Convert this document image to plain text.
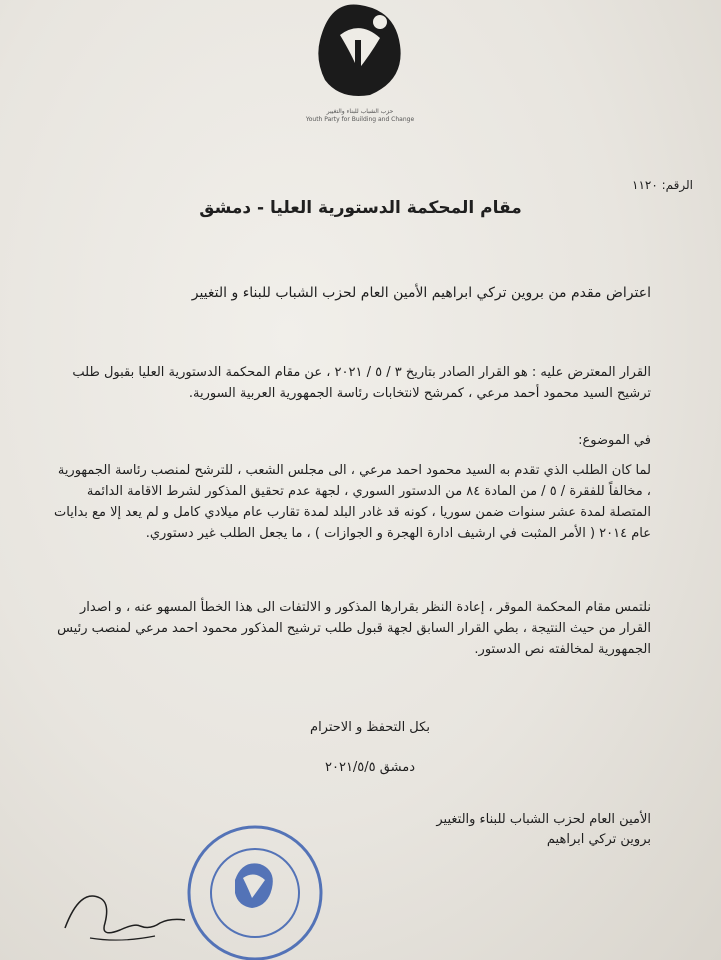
حزب الشباب للبناء والتغيير
Youth Party for Building and Change
الرقم: ١١٢٠
مقام المحكمة الدستورية العليا - دمشق
اعتراض مقدم من بروين تركي ابراهيم الأمين العام لحزب الشباب للبناء و التغيير
القرار المعترض عليه : هو القرار الصادر بتاريخ ٣ / ٥ / ٢٠٢١ ، عن مقام المحكمة الدستورية العليا بقبول طلب ترشيح السيد محمود أحمد مرعي ، كمرشح لانتخابات رئاسة الجمهورية العربية السورية.
في الموضوع:
لما كان الطلب الذي تقدم به السيد محمود احمد مرعي ، الى مجلس الشعب ، للترشح لمنصب رئاسة الجمهورية ، مخالفاً للفقرة / ٥ / من المادة ٨٤ من الدستور السوري ، لجهة عدم تحقيق المذكور لشرط الاقامة الدائمة المتصلة لمدة عشر سنوات ضمن سوريا ، كونه قد غادر البلد لمدة تقارب عام ميلادي كامل و لم يعد إلا مع بدايات عام ٢٠١٤ ( الأمر المثبت في ارشيف ادارة الهجرة و الجوازات ) ، ما يجعل الطلب غير دستوري.
نلتمس مقام المحكمة الموقر ، إعادة النظر بقرارها المذكور و الالتفات الى هذا الخطأ المسهو عنه ، و اصدار القرار من حيث النتيجة ، بطي القرار السابق لجهة قبول طلب ترشيح المذكور محمود احمد مرعي لمنصب رئيس الجمهورية لمخالفته نص الدستور.
بكل التحفظ و الاحترام
دمشق ٢٠٢١/٥/٥
الأمين العام لحزب الشباب للبناء والتغيير
بروين تركي ابراهيم
